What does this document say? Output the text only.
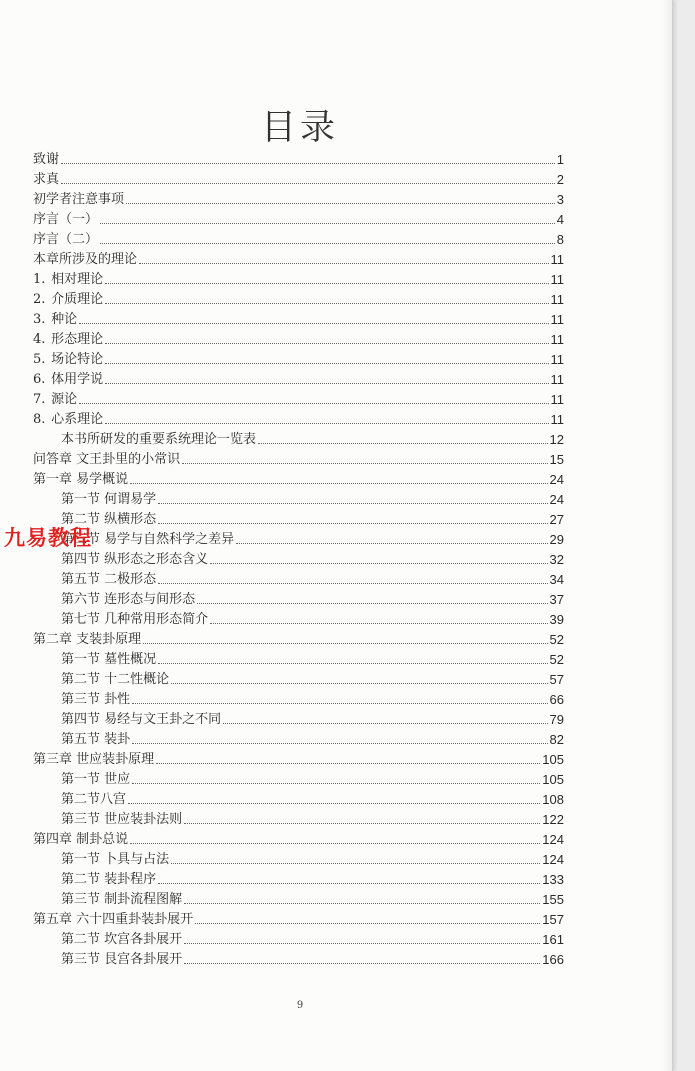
目录
致谢	1
求真	2
初学者注意事项	3
序言（一）	4
序言（二）	8
本章所涉及的理论	11
1. 相对理论	11
2. 介质理论	11
3. 种论	11
4. 形态理论	11
5. 场论特论	11
6. 体用学说	11
7. 源论	11
8. 心系理论	11
本书所研发的重要系统理论一览表	12
问答章 文王卦里的小常识	15
第一章 易学概说	24
第一节 何谓易学	24
第二节 纵横形态	27
第三节 易学与自然科学之差异	29
第四节 纵形态之形态含义	32
第五节 二极形态	34
第六节 连形态与间形态	37
第七节 几种常用形态简介	39
第二章 支装卦原理	52
第一节 墓性概况	52
第二节 十二性概论	57
第三节 卦性	66
第四节 易经与文王卦之不同	79
第五节 装卦	82
第三章 世应装卦原理	105
第一节 世应	105
第二节八宫	108
第三节 世应装卦法则	122
第四章 制卦总说	124
第一节 卜具与占法	124
第二节 装卦程序	133
第三节 制卦流程图解	155
第五章 六十四重卦装卦展开	157
第二节 坎宫各卦展开	161
第三节 艮宫各卦展开	166
九易教程
9
